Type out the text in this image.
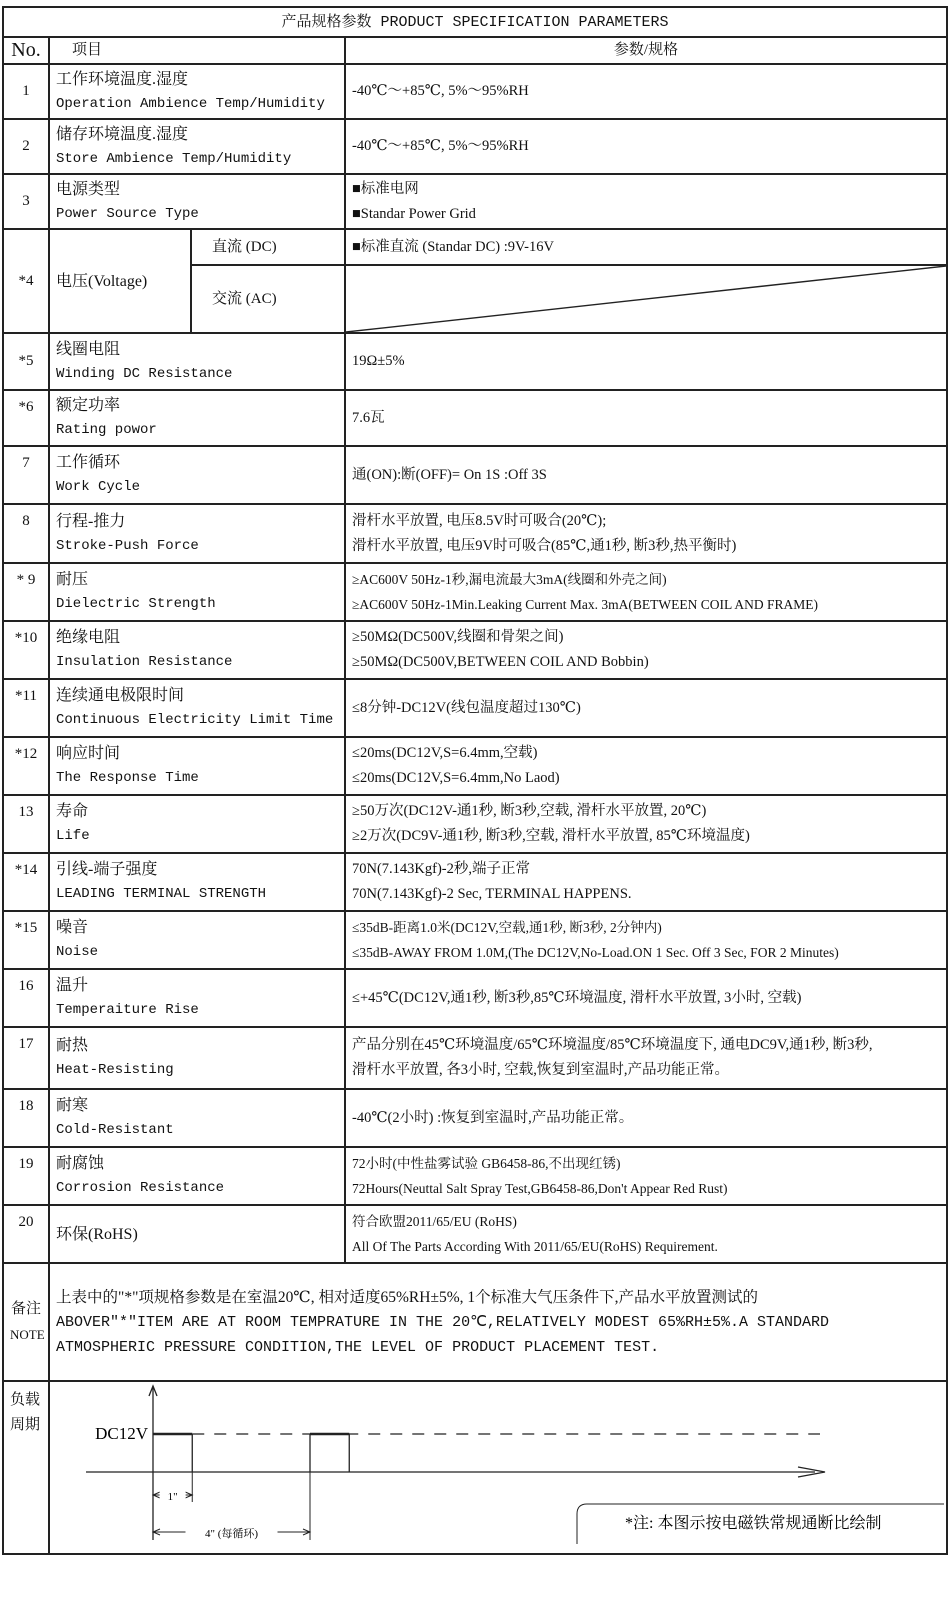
产品规格参数 PRODUCT SPECIFICATION PARAMETERS			
No.	项目		参数/规格
1	工作环境温度.湿度
Operation Ambience Temp/Humidity		-40℃～+85℃, 5%～95%RH

2	储存环境温度.湿度
Store Ambience Temp/Humidity		-40℃～+85℃, 5%～95%RH

3	电源类型
Power Source Type		■标准电网
■Standar Power Grid

*4	电压(Voltage)	直流 (DC)	■标准直流 (Standar DC) :9V-16V

		交流 (AC)	

*5	线圈电阻
Winding DC Resistance		19Ω±5%

*6	额定功率
Rating powor		7.6瓦

7	工作循环
Work Cycle		通(ON):断(OFF)= On 1S :Off 3S

8	行程-推力
Stroke-Push Force		滑杆水平放置, 电压8.5V时可吸合(20℃);
滑杆水平放置, 电压9V时可吸合(85℃,通1秒, 断3秒,热平衡时)

* 9	耐压
Dielectric Strength		≥AC600V 50Hz-1秒,漏电流最大3mA(线圈和外壳之间)
≥AC600V 50Hz-1Min.Leaking Current Max. 3mA(BETWEEN COIL AND FRAME)

*10	绝缘电阻
Insulation Resistance		≥50MΩ(DC500V,线圈和骨架之间)
≥50MΩ(DC500V,BETWEEN COIL AND Bobbin)

*11	连续通电极限时间
Continuous Electricity Limit Time		≤8分钟-DC12V(线包温度超过130℃)

*12	响应时间
The Response Time		≤20ms(DC12V,S=6.4mm,空载)
≤20ms(DC12V,S=6.4mm,No Laod)

13	寿命
Life		≥50万次(DC12V-通1秒, 断3秒,空载, 滑杆水平放置, 20℃)
≥2万次(DC9V-通1秒, 断3秒,空载, 滑杆水平放置, 85℃环境温度)

*14	引线-端子强度
LEADING TERMINAL STRENGTH		70N(7.143Kgf)-2秒,端子正常
70N(7.143Kgf)-2 Sec, TERMINAL HAPPENS.

*15	噪音
Noise		≤35dB-距离1.0米(DC12V,空载,通1秒, 断3秒, 2分钟内)
≤35dB-AWAY FROM 1.0M,(The DC12V,No-Load.ON 1 Sec. Off 3 Sec, FOR 2 Minutes)

16	温升
Temperaiture Rise		≤+45℃(DC12V,通1秒, 断3秒,85℃环境温度, 滑杆水平放置, 3小时, 空载)

17	耐热
Heat-Resisting		产品分别在45℃环境温度/65℃环境温度/85℃环境温度下, 通电DC9V,通1秒, 断3秒,
滑杆水平放置, 各3小时, 空载,恢复到室温时,产品功能正常。

18	耐寒
Cold-Resistant		-40℃(2小时) :恢复到室温时,产品功能正常。

19	耐腐蚀
Corrosion Resistance		72小时(中性盐雾试验 GB6458-86,不出现红锈)
72Hours(Neuttal Salt Spray Test,GB6458-86,Don't Appear Red Rust)

20	环保(RoHS)		符合欧盟2011/65/EU (RoHS)
All Of The Parts According With 2011/65/EU(RoHS) Requirement.

备注
NOTE	上表中的"*"项规格参数是在室温20℃, 相对适度65%RH±5%, 1个标准大气压条件下,产品水平放置测试的
ABOVER"*"ITEM ARE AT ROOM TEMPRATURE IN THE 20℃,RELATIVELY MODEST 65%RH±5%.A STANDARD
ATMOSPHERIC PRESSURE CONDITION,THE LEVEL OF PRODUCT PLACEMENT TEST.		

负载
周期	DC12V
1"
4" (每循环)
*注: 本图示按电磁铁常规通断比绘制		
